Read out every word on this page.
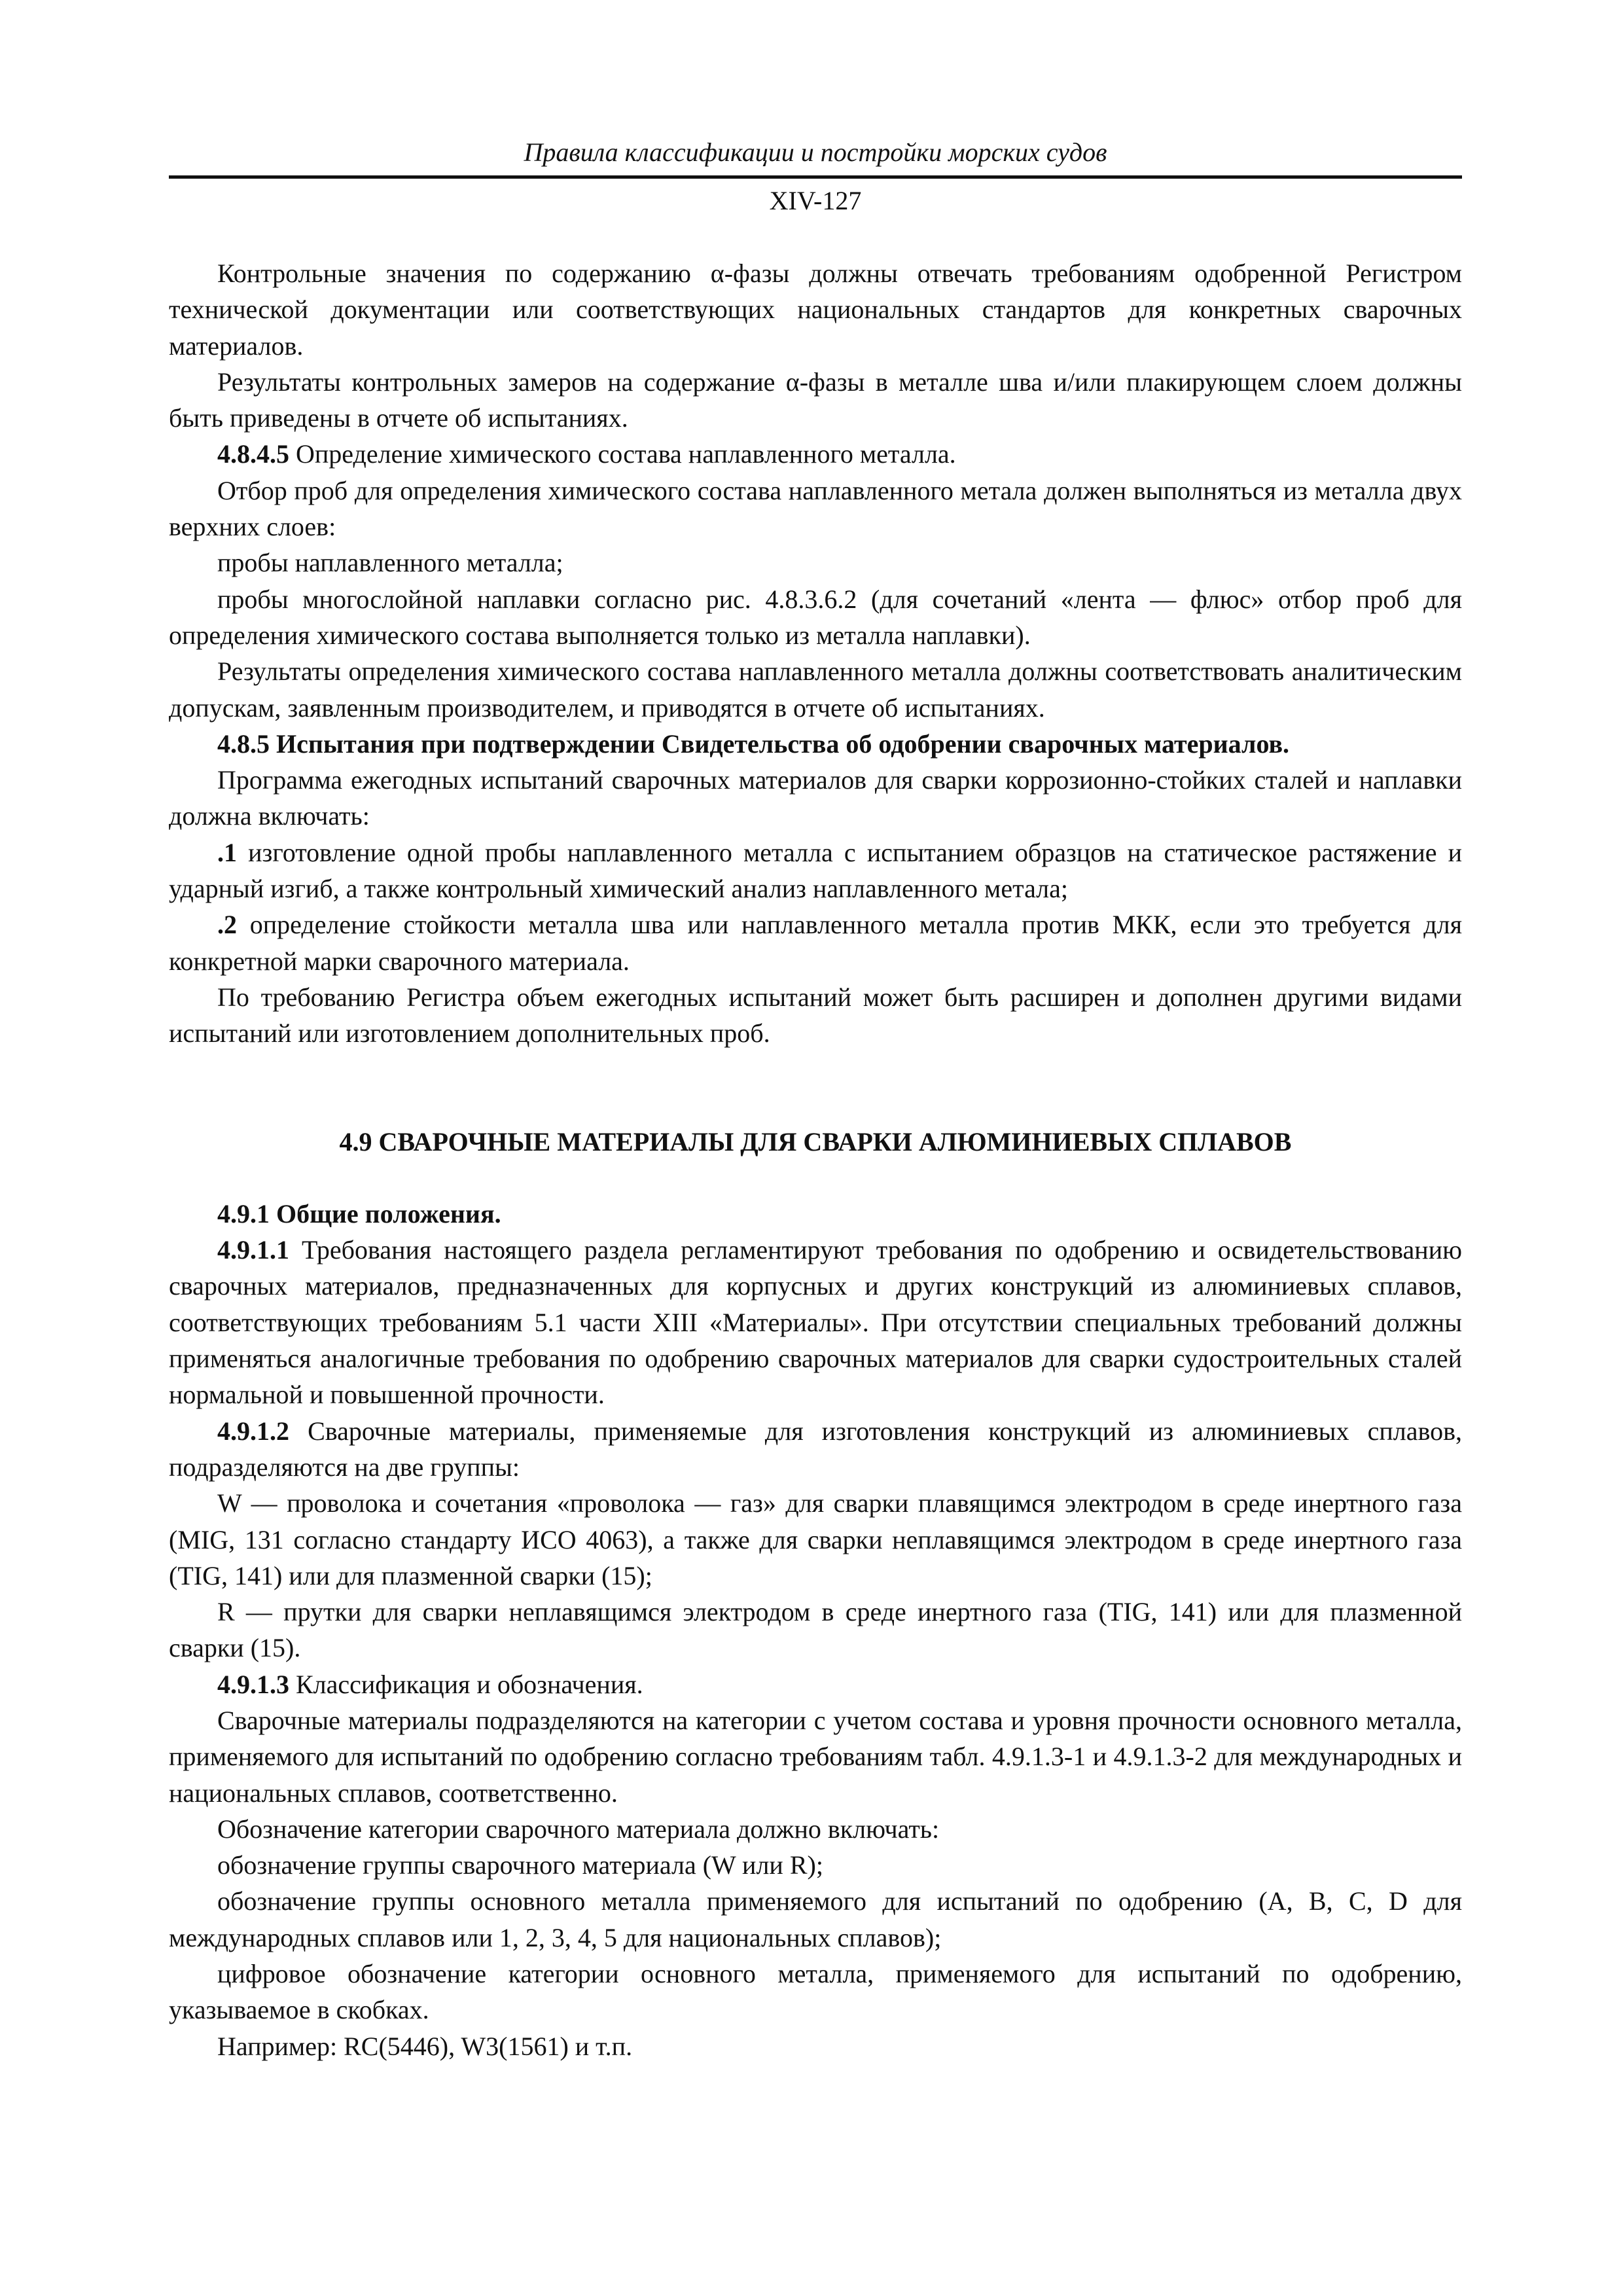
Правила классификации и постройки морских судов
XIV-127

Контрольные значения по содержанию α-фазы должны отвечать требованиям одобренной Регистром технической документации или соответствующих национальных стандартов для конкретных сварочных материалов.

Результаты контрольных замеров на содержание α-фазы в металле шва и/или плакирующем слоем должны быть приведены в отчете об испытаниях.

4.8.4.5 Определение химического состава наплавленного металла.

Отбор проб для определения химического состава наплавленного метала должен выполняться из металла двух верхних слоев:

пробы наплавленного металла;

пробы многослойной наплавки согласно рис. 4.8.3.6.2 (для сочетаний «лента — флюс» отбор проб для определения химического состава выполняется только из металла наплавки).

Результаты определения химического состава наплавленного металла должны соответствовать аналитическим допускам, заявленным производителем, и приводятся в отчете об испытаниях.

4.8.5 Испытания при подтверждении Свидетельства об одобрении сварочных материалов.

Программа ежегодных испытаний сварочных материалов для сварки коррозионно-стойких сталей и наплавки должна включать:

.1 изготовление одной пробы наплавленного металла с испытанием образцов на статическое растяжение и ударный изгиб, а также контрольный химический анализ наплавленного метала;

.2 определение стойкости металла шва или наплавленного металла против МКК, если это требуется для конкретной марки сварочного материала.

По требованию Регистра объем ежегодных испытаний может быть расширен и дополнен другими видами испытаний или изготовлением дополнительных проб.

4.9 СВАРОЧНЫЕ МАТЕРИАЛЫ ДЛЯ СВАРКИ АЛЮМИНИЕВЫХ СПЛАВОВ

4.9.1 Общие положения.

4.9.1.1 Требования настоящего раздела регламентируют требования по одобрению и освидетельствованию сварочных материалов, предназначенных для корпусных и других конструкций из алюминиевых сплавов, соответствующих требованиям 5.1 части XIII «Материалы». При отсутствии специальных требований должны применяться аналогичные требования по одобрению сварочных материалов для сварки судостроительных сталей нормальной и повышенной прочности.

4.9.1.2 Сварочные материалы, применяемые для изготовления конструкций из алюминиевых сплавов, подразделяются на две группы:

W — проволока и сочетания «проволока — газ» для сварки плавящимся электродом в среде инертного газа (MIG, 131 согласно стандарту ИСО 4063), а также для сварки неплавящимся электродом в среде инертного газа (TIG, 141) или для плазменной сварки (15);

R — прутки для сварки неплавящимся электродом в среде инертного газа (TIG, 141) или для плазменной сварки (15).

4.9.1.3 Классификация и обозначения.

Сварочные материалы подразделяются на категории с учетом состава и уровня прочности основного металла, применяемого для испытаний по одобрению согласно требованиям табл. 4.9.1.3-1 и 4.9.1.3-2 для международных и национальных сплавов, соответственно.

Обозначение категории сварочного материала должно включать:

обозначение группы сварочного материала (W или R);

обозначение группы основного металла применяемого для испытаний по одобрению (A, B, C, D для международных сплавов или 1, 2, 3, 4, 5 для национальных сплавов);

цифровое обозначение категории основного металла, применяемого для испытаний по одобрению, указываемое в скобках.

Например: RC(5446), W3(1561) и т.п.
